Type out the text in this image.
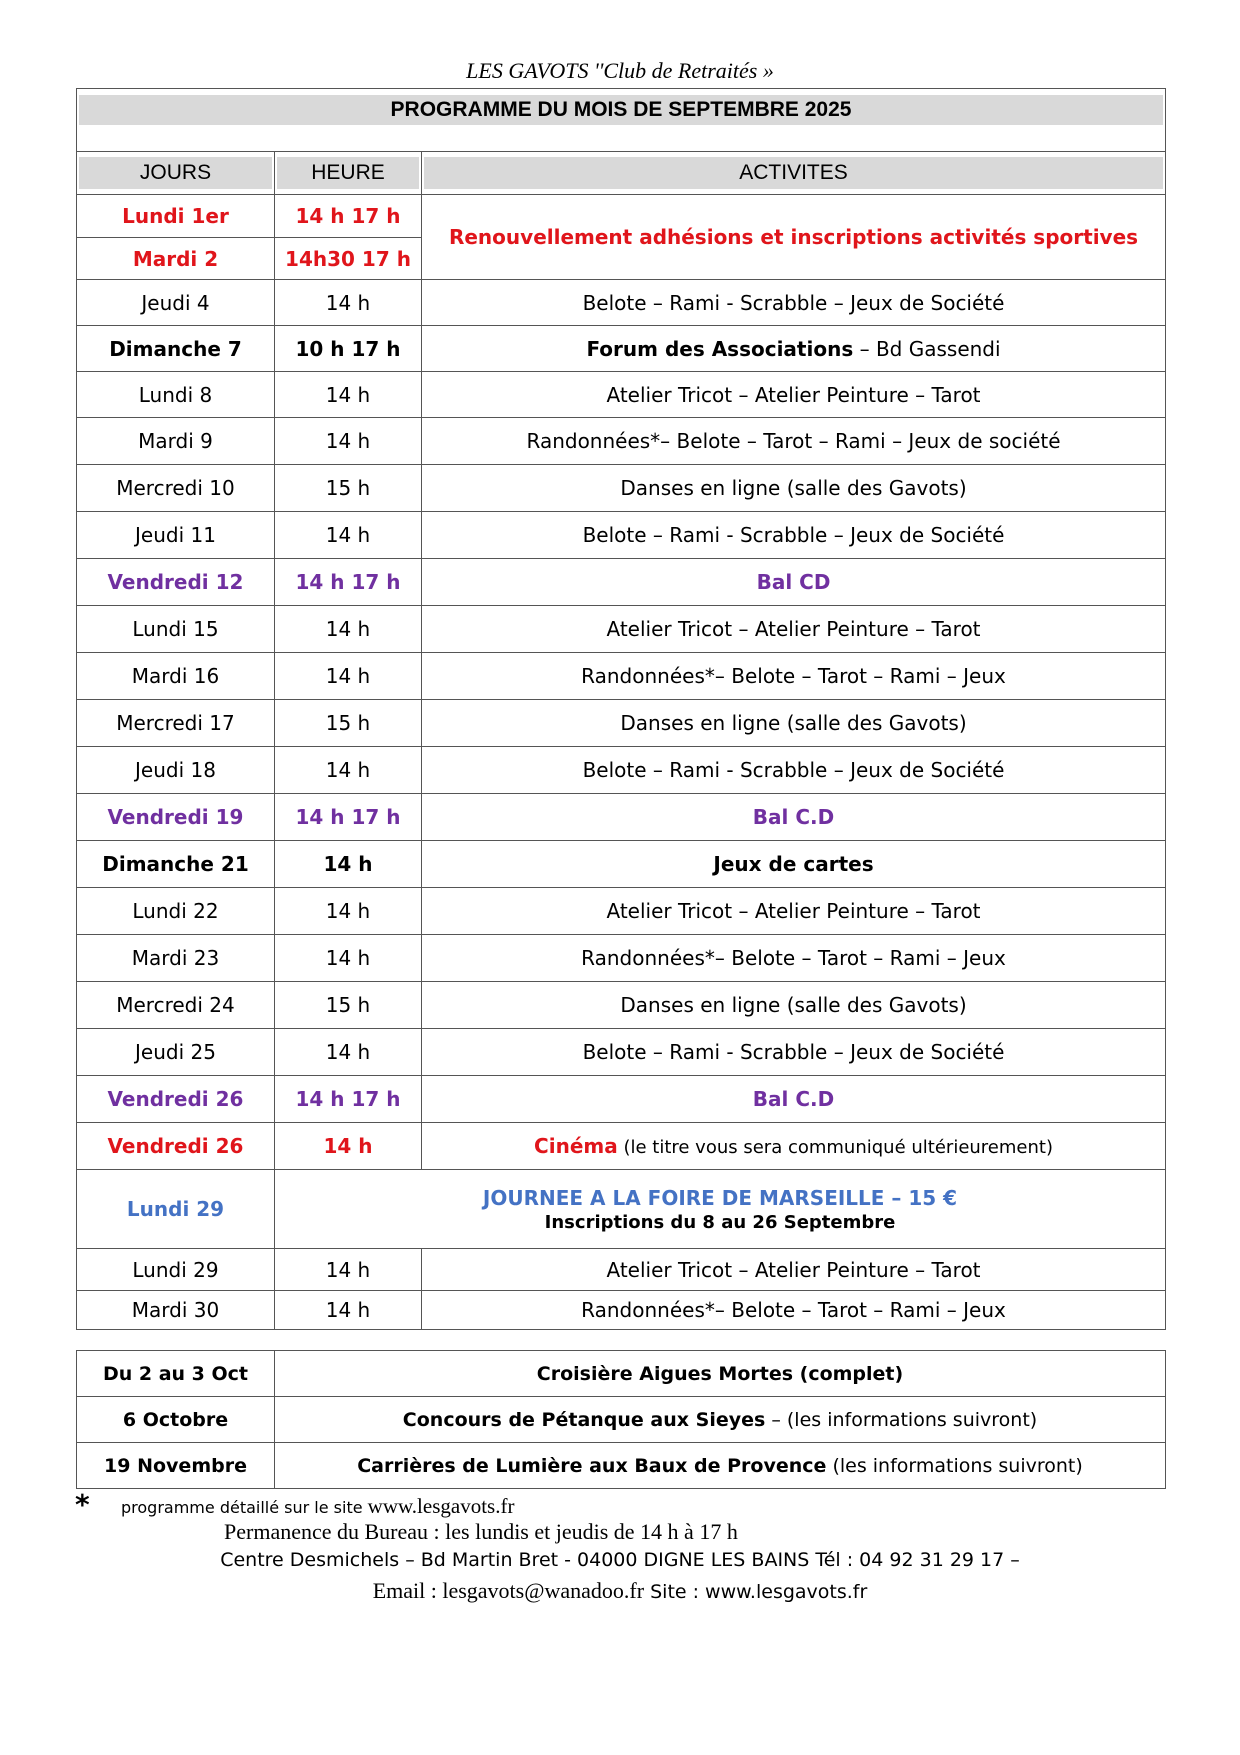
LES GAVOTS ''Club de Retraités »
PROGRAMME DU MOIS DE SEPTEMBRE 2025		

JOURS	HEURE	ACTIVITES

Lundi 1er	14 h 17 h	Renouvellement adhésions et inscriptions activités sportives
Mardi 2	14h30 17 h	
Jeudi 4	14 h	Belote – Rami - Scrabble – Jeux de Société
Dimanche 7	10 h 17 h	Forum des Associations – Bd Gassendi
Lundi 8	14 h	Atelier Tricot – Atelier Peinture – Tarot
Mardi 9	14 h	Randonnées*– Belote – Tarot – Rami – Jeux de société
Mercredi 10	15 h	Danses en ligne (salle des Gavots)
Jeudi 11	14 h	Belote – Rami - Scrabble – Jeux de Société
Vendredi 12	14 h 17 h	Bal CD
Lundi 15	14 h	Atelier Tricot – Atelier Peinture – Tarot
Mardi 16	14 h	Randonnées*– Belote – Tarot – Rami – Jeux
Mercredi 17	15 h	Danses en ligne (salle des Gavots)
Jeudi 18	14 h	Belote – Rami - Scrabble – Jeux de Société
Vendredi 19	14 h 17 h	Bal C.D
Dimanche 21	14 h	Jeux de cartes
Lundi 22	14 h	Atelier Tricot – Atelier Peinture – Tarot
Mardi 23	14 h	Randonnées*– Belote – Tarot – Rami – Jeux
Mercredi 24	15 h	Danses en ligne (salle des Gavots)
Jeudi 25	14 h	Belote – Rami - Scrabble – Jeux de Société
Vendredi 26	14 h 17 h	Bal C.D
Vendredi 26	14 h	Cinéma (le titre vous sera communiqué ultérieurement)
Lundi 29	JOURNEE A LA FOIRE DE MARSEILLE – 15 €
Inscriptions du 8 au 26 Septembre	

Lundi 29	14 h	Atelier Tricot – Atelier Peinture – Tarot
Mardi 30	14 h	Randonnées*– Belote – Tarot – Rami – Jeux
Du 2 au 3 Oct	Croisière Aigues Mortes (complet)
6 Octobre	Concours de Pétanque aux Sieyes – (les informations suivront)
19 Novembre	Carrières de Lumière aux Baux de Provence (les informations suivront)
* programme détaillé sur le site www.lesgavots.fr
Permanence du Bureau : les lundis et jeudis de 14 h à 17 h
Centre Desmichels – Bd Martin Bret - 04000 DIGNE LES BAINS Tél : 04 92 31 29 17 –
Email : lesgavots@wanadoo.fr Site : www.lesgavots.fr
